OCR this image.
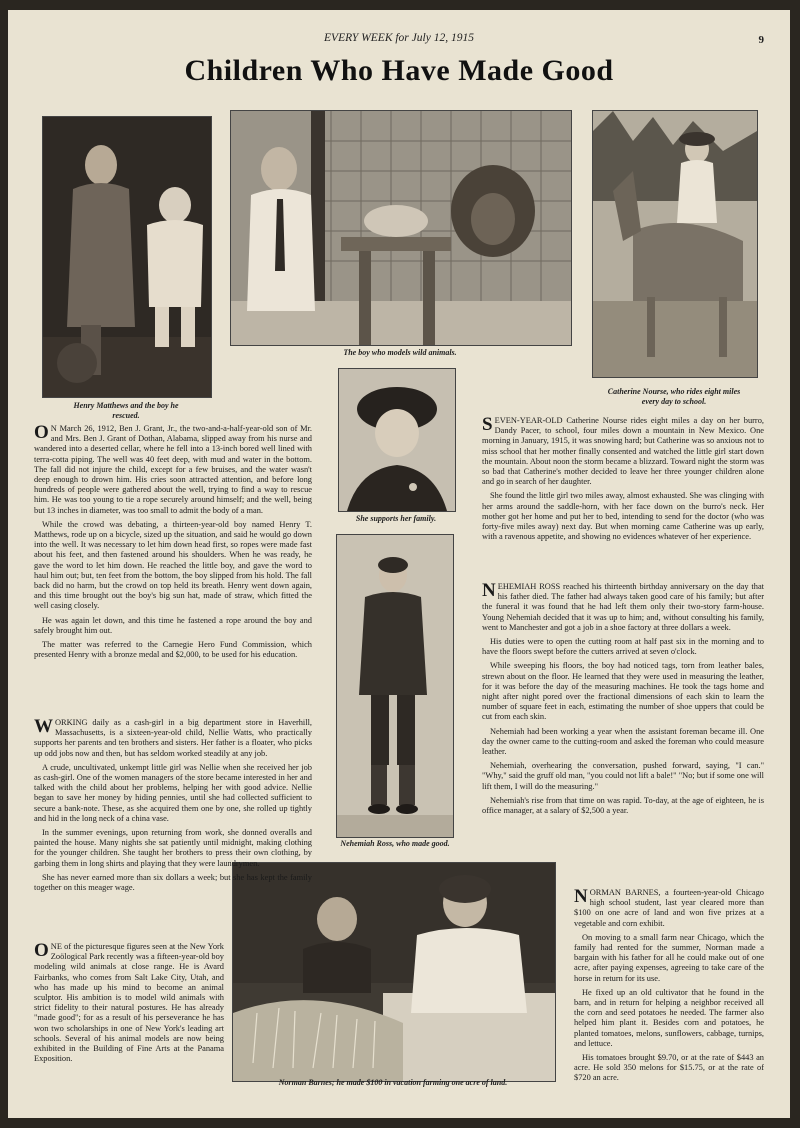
EVERY WEEK for July 12, 1915	9
Children Who Have Made Good
Henry Matthews and the boy he rescued.
The boy who models wild animals.
Catherine Nourse, who rides eight miles every day to school.
She supports her family.
Nehemiah Ross, who made good.
Norman Barnes; he made $100 in vacation farming one acre of land.

O N March 26, 1912, Ben J. Grant, Jr., the two-and-a-half-year-old son of Mr. and Mrs. Ben J. Grant of Dothan, Alabama, slipped away from his nurse and wandered into a deserted cellar, where he fell into a 13-inch bored well lined with terra-cotta piping. The well was 40 feet deep, with mud and water in the bottom. The fall did not injure the child, except for a few bruises, and the water wasn't deep enough to drown him. His cries soon attracted attention, and before long hundreds of people were gathered about the well, trying to find a way to rescue him. He was too young to tie a rope securely around himself; and the well, being but 13 inches in diameter, was too small to admit the body of a man.

While the crowd was debating, a thirteen-year-old boy named Henry T. Matthews, rode up on a bicycle, sized up the situation, and said he would go down into the well. It was necessary to let him down head first, so ropes were made fast about his feet, and then fastened around his shoulders. When he was ready, he gave the word to let him down. He reached the little boy, and gave the word to haul him out; but, ten feet from the bottom, the boy slipped from his hold. The fall back did no harm, but the crowd on top held its breath. Henry went down again, and this time brought out the boy's big sun hat, made of straw, which fitted the well casing closely.

He was again let down, and this time he fastened a rope around the boy and safely brought him out.

The matter was referred to the Carnegie Hero Fund Commission, which presented Henry with a bronze medal and $2,000, to be used for his education.

WORKING daily as a cash-girl in a big department store in Haverhill, Massachusetts, is a sixteen-year-old child, Nellie Watts, who practically supports her parents and ten brothers and sisters. Her father is a floater, who picks up odd jobs now and then, but has seldom worked steadily at any job.

A crude, uncultivated, unkempt little girl was Nellie when she received her job as cash-girl. One of the women managers of the store became interested in her and talked with the child about her problems, helping her with good advice. Nellie began to save her money by hiding pennies, until she had collected sufficient to secure a bank-note. These, as she acquired them one by one, she rolled up tightly and hid in the long neck of a china vase.

In the summer evenings, upon returning from work, she donned overalls and painted the house. Many nights she sat patiently until midnight, making clothing for the younger children. She taught her brothers to press their own clothing, by garbing them in long shirts and playing that they were laundrymen.

She has never earned more than six dollars a week; but she has kept the family together on this meager wage.

ONE of the picturesque figures seen at the New York Zoölogical Park recently was a fifteen-year-old boy modeling wild animals at close range. He is Avard Fairbanks, who comes from Salt Lake City, Utah, and who has made up his mind to become an animal sculptor. His ambition is to model wild animals with strict fidelity to their natural postures. He has already "made good"; for as a result of his perseverance he has won two scholarships in one of New York's leading art schools. Several of his animal models are now being exhibited in the Building of Fine Arts at the Panama Exposition.

SEVEN-YEAR-OLD Catherine Nourse rides eight miles a day on her burro, Dandy Pacer, to school, four miles down a mountain in New Mexico. One morning in January, 1915, it was snowing hard; but Catherine was so anxious not to miss school that her mother finally consented and watched the little girl start down the mountain. About noon the storm became a blizzard. Toward night the storm was so bad that Catherine's mother decided to leave her three younger children alone and go in search of her daughter.

She found the little girl two miles away, almost exhausted. She was clinging with her arms around the saddle-horn, with her face down on the burro's neck. Her mother got her home and put her to bed, intending to send for the doctor (who was forty-five miles away) next day. But when morning came Catherine was up early, with a ravenous appetite, and showing no evidences whatever of her experience.

NEHEMIAH ROSS reached his thirteenth birthday anniversary on the day that his father died. The father had always taken good care of his family; but after the funeral it was found that he had left them only their two-story farm-house. Young Nehemiah decided that it was up to him; and, without consulting his family, went to Manchester and got a job in a shoe factory at three dollars a week.

His duties were to open the cutting room at half past six in the morning and to have the floors swept before the cutters arrived at seven o'clock.

While sweeping his floors, the boy had noticed tags, torn from leather bales, strewn about on the floor. He learned that they were used in measuring the leather, for it was before the day of the measuring machines. He took the tags home and night after night pored over the fractional dimensions of each skin to learn the number of square feet in each, estimating the number of shoe uppers that could be cut from each skin.

Nehemiah had been working a year when the assistant foreman became ill. One day the owner came to the cutting-room and asked the foreman who could measure leather.

Nehemiah, overhearing the conversation, pushed forward, saying, "I can." "Why," said the gruff old man, "you could not lift a bale!" "No; but if some one will lift them, I will do the measuring."

Nehemiah's rise from that time on was rapid. To-day, at the age of eighteen, he is office manager, at a salary of $2,500 a year.

NORMAN BARNES, a fourteen-year-old Chicago high school student, last year cleared more than $100 on one acre of land and won five prizes at a vegetable and corn exhibit.

On moving to a small farm near Chicago, which the family had rented for the summer, Norman made a bargain with his father for all he could make out of one acre, after paying expenses, agreeing to take care of the horse in return for its use.

He fixed up an old cultivator that he found in the barn, and in return for helping a neighbor received all the corn and seed potatoes he needed. The farmer also helped him plant it. Besides corn and potatoes, he planted tomatoes, melons, sunflowers, cabbage, turnips, and lettuce.

His tomatoes brought $9.70, or at the rate of $443 an acre. He sold 350 melons for $15.75, or at the rate of $720 an acre.
